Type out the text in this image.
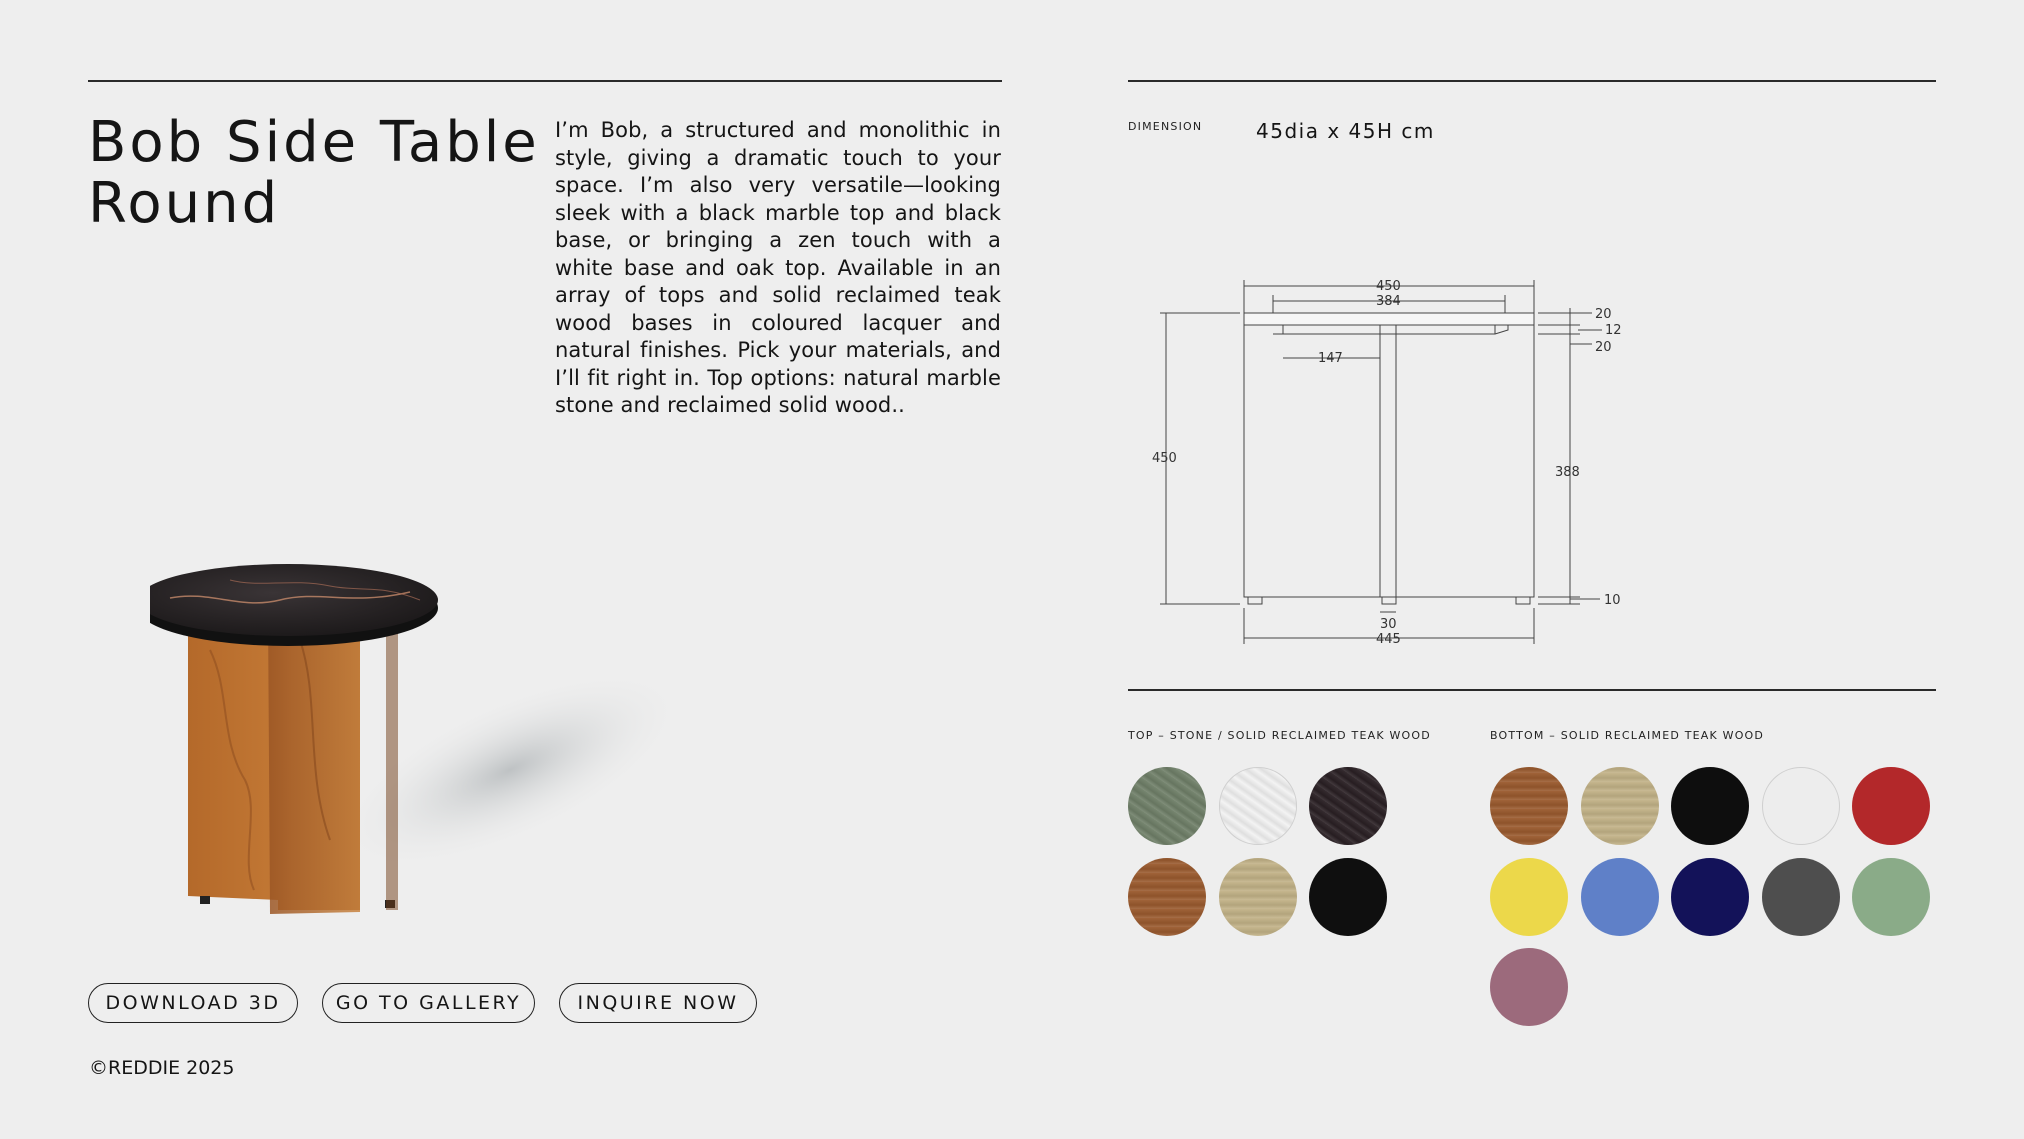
Bob Side Table
Round

I’m Bob, a structured and monolithic in style, giving a dramatic touch to your space. I’m also very versatile—looking sleek with a black marble top and black base, or bringing a zen touch with a white base and oak top. Available in an array of tops and solid reclaimed teak wood bases in coloured lacquer and natural finishes. Pick your materials, and I’ll fit right in. Top options: natural marble stone and reclaimed solid wood..

DIMENSION	45dia x 45H cm
450
384
20
12
20
147
450
388
10
30
445
TOP – STONE / SOLID RECLAIMED TEAK WOOD	BOTTOM – SOLID RECLAIMED TEAK WOOD
DOWNLOAD 3D	GO TO GALLERY	INQUIRE NOW
©REDDIE 2025
